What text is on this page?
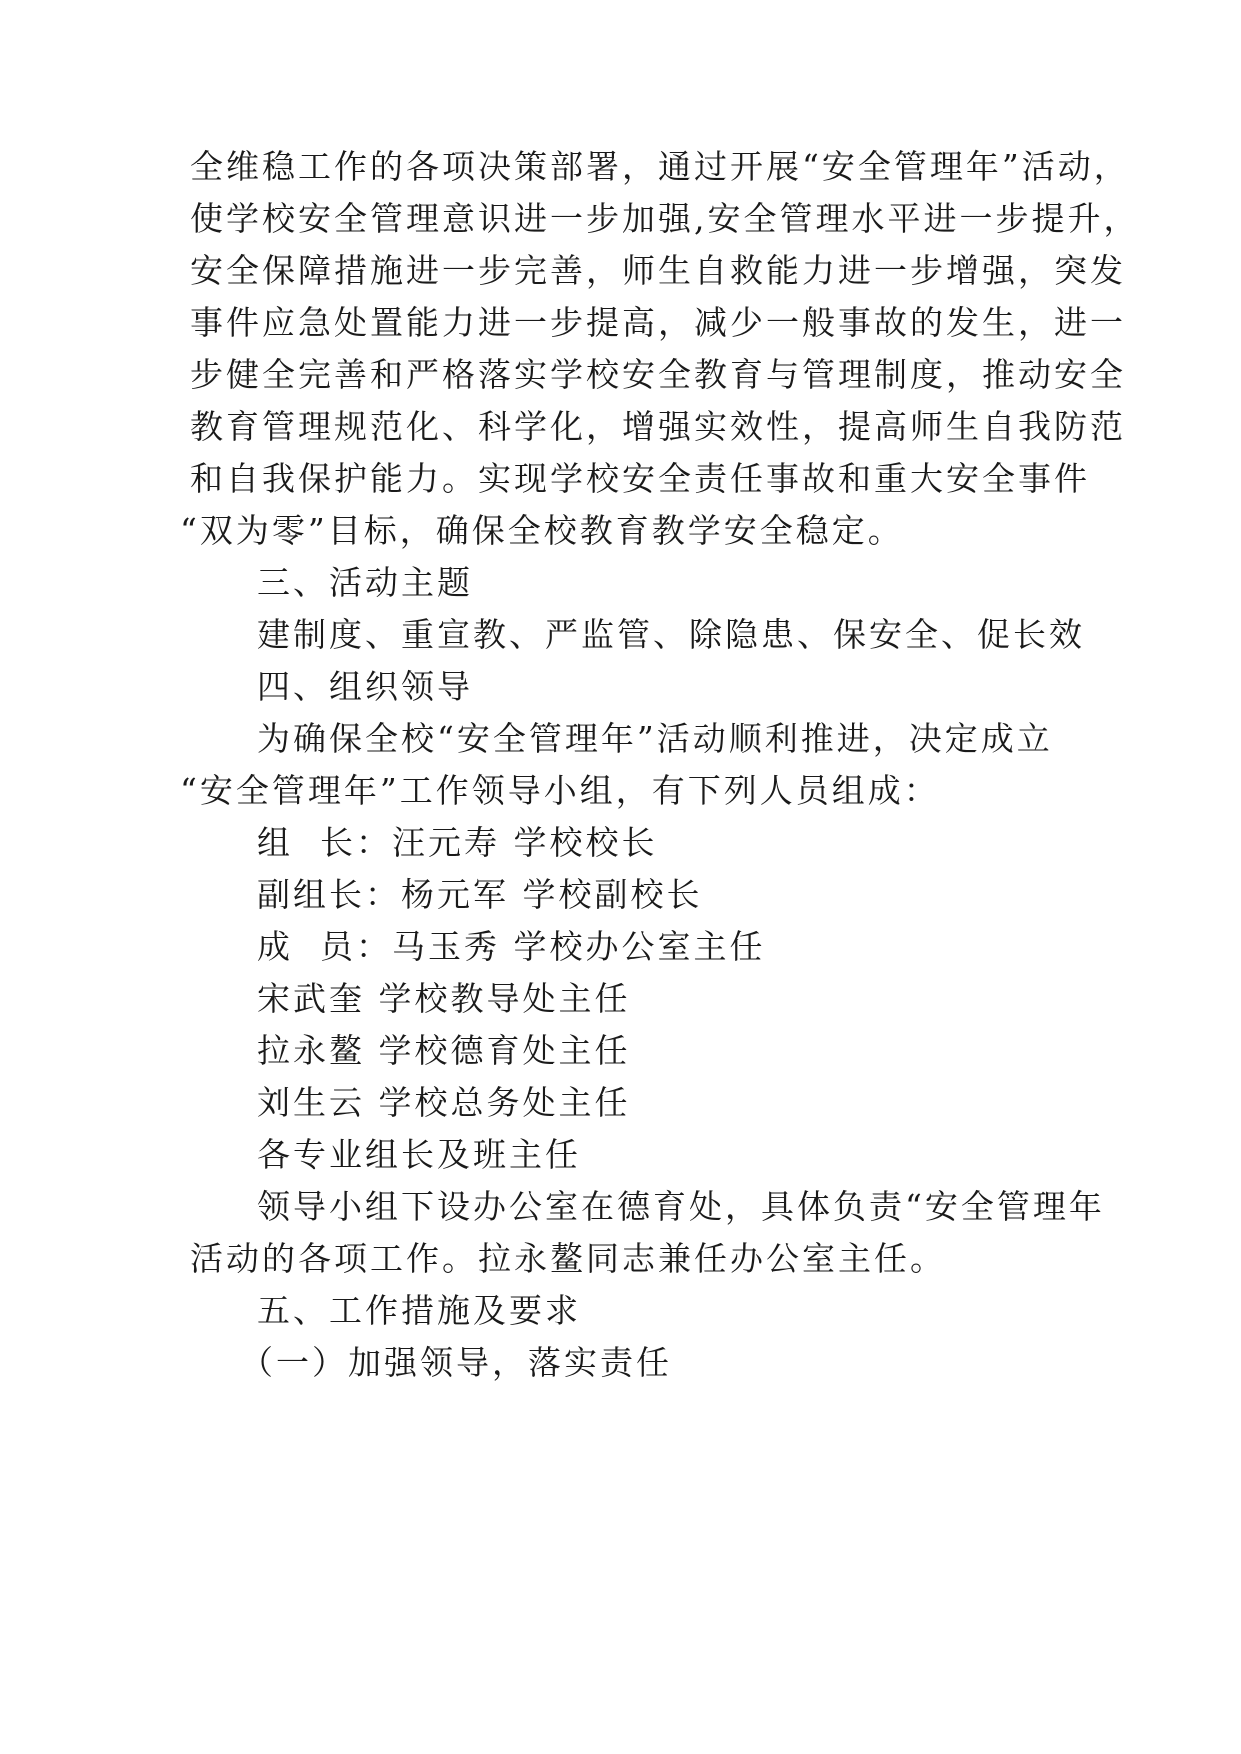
全维稳工作的各项决策部署，通过开展“安全管理年”活动，
使学校安全管理意识进一步加强,安全管理水平进一步提升，
安全保障措施进一步完善，师生自救能力进一步增强，突发
事件应急处置能力进一步提高，减少一般事故的发生，进一
步健全完善和严格落实学校安全教育与管理制度，推动安全
教育管理规范化、科学化，增强实效性，提高师生自我防范
和自我保护能力。实现学校安全责任事故和重大安全事件
“双为零”目标，确保全校教育教学安全稳定。
三、活动主题
建制度、重宣教、严监管、除隐患、保安全、促长效
四、组织领导
为确保全校“安全管理年”活动顺利推进，决定成立
“安全管理年”工作领导小组，有下列人员组成：
组  长：汪元寿 学校校长
副组长：杨元军 学校副校长
成  员：马玉秀 学校办公室主任
宋武奎 学校教导处主任
拉永鳌 学校德育处主任
刘生云 学校总务处主任
各专业组长及班主任
领导小组下设办公室在德育处，具体负责“安全管理年
活动的各项工作。拉永鳌同志兼任办公室主任。
五、工作措施及要求
（一）加强领导，落实责任
